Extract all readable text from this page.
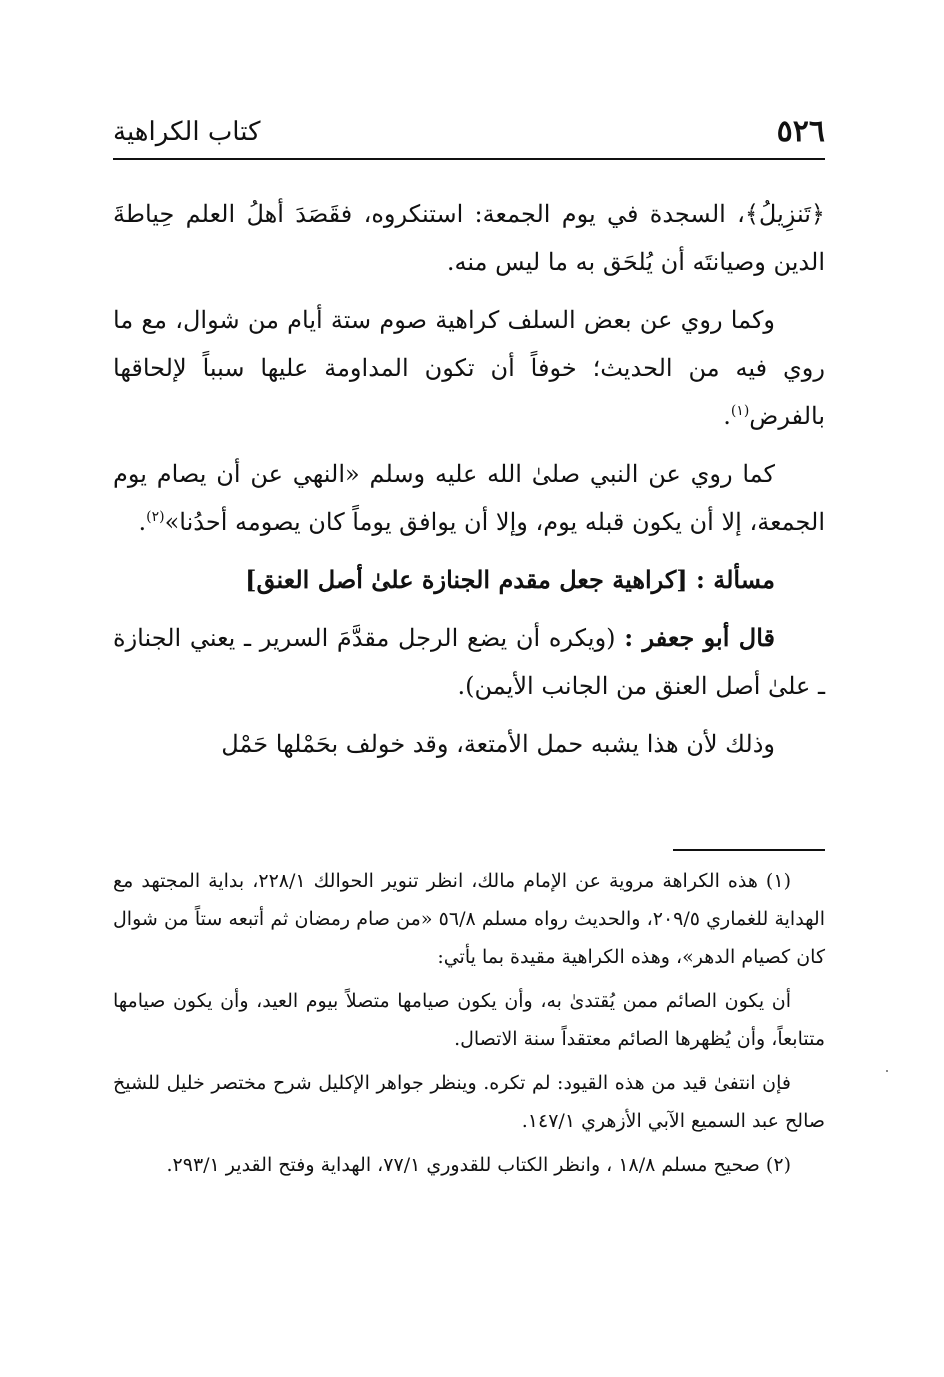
٥٢٦
كتاب الكراهية

﴿تَنزِيلُ﴾، السجدة في يوم الجمعة: استنكروه، فقَصَدَ أهلُ العلم حِياطةَ الدين وصيانتَه أن يُلحَق به ما ليس منه.

وكما روي عن بعض السلف كراهية صوم ستة أيام من شوال، مع ما روي فيه من الحديث؛ خوفاً أن تكون المداومة عليها سبباً لإلحاقها بالفرض$^{(١)}$.

كما روي عن النبي صلىٰ الله عليه وسلم «النهي عن أن يصام يوم الجمعة، إلا أن يكون قبله يوم، وإلا أن يوافق يوماً كان يصومه أحدُنا»$^{(٢)}$.

مسألة : [كراهية جعل مقدم الجنازة علىٰ أصل العنق]

قال أبو جعفر : (ويكره أن يضع الرجل مقدَّمَ السرير ـ يعني الجنازة ـ علىٰ أصل العنق من الجانب الأيمن).

وذلك لأن هذا يشبه حمل الأمتعة، وقد خولف بحَمْلها حَمْل

(١) هذه الكراهة مروية عن الإمام مالك، انظر تنوير الحوالك ٢٢٨/١، بداية المجتهد مع الهداية للغماري ٢٠٩/٥، والحديث رواه مسلم ٥٦/٨ «من صام رمضان ثم أتبعه ستاً من شوال كان كصيام الدهر»، وهذه الكراهية مقيدة بما يأتي:

أن يكون الصائم ممن يُقتدىٰ به، وأن يكون صيامها متصلاً بيوم العيد، وأن يكون صيامها متتابعاً، وأن يُظهرها الصائم معتقداً سنة الاتصال.

فإن انتفىٰ قيد من هذه القيود: لم تكره. وينظر جواهر الإكليل شرح مختصر خليل للشيخ صالح عبد السميع الآبي الأزهري ١٤٧/١.

(٢) صحيح مسلم ١٨/٨ ، وانظر الكتاب للقدوري ٧٧/١، الهداية وفتح القدير ٢٩٣/١.
